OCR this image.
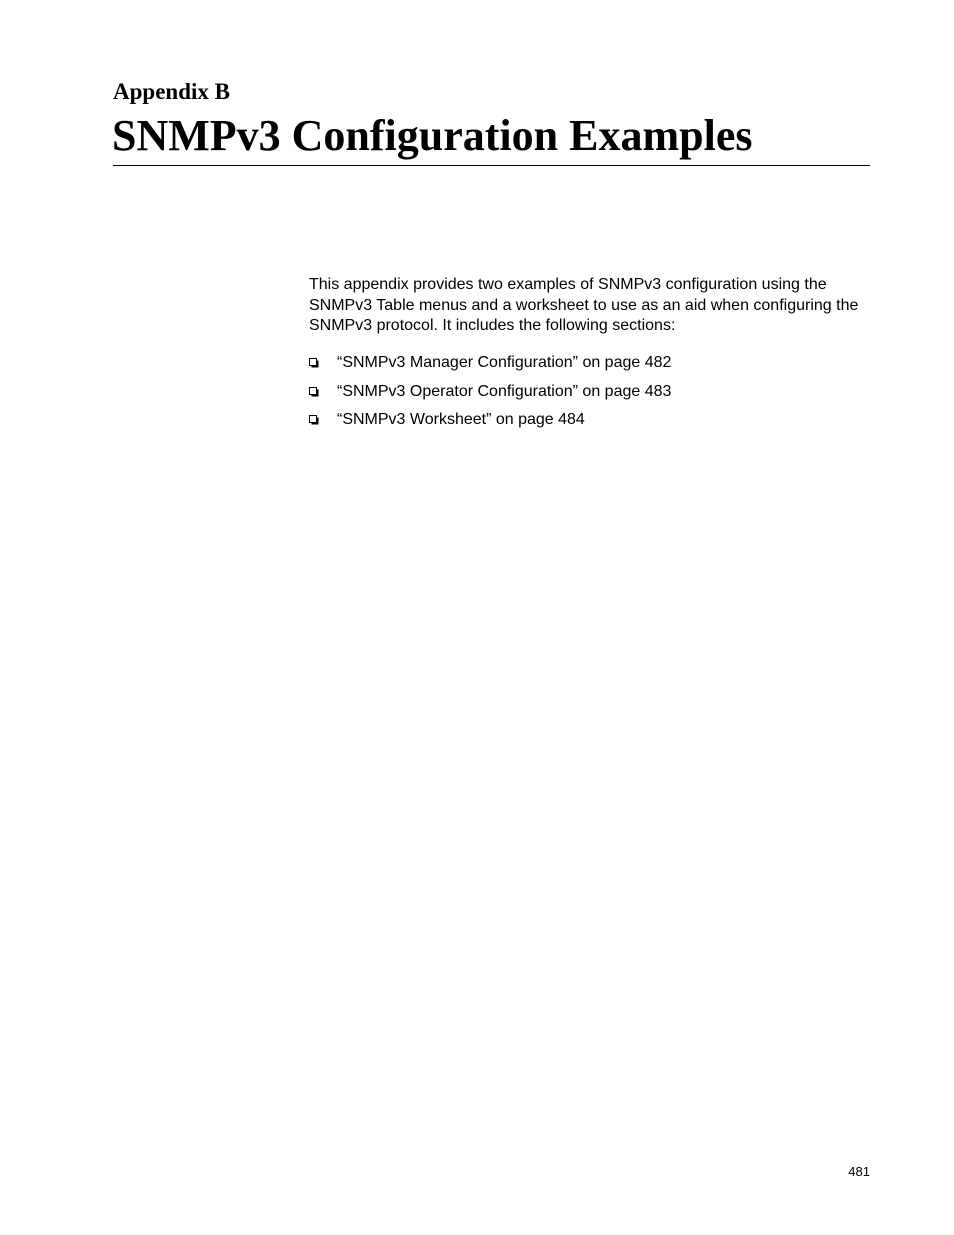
Appendix B
SNMPv3 Configuration Examples

This appendix provides two examples of SNMPv3 configuration using the SNMPv3 Table menus and a worksheet to use as an aid when configuring the SNMPv3 protocol. It includes the following sections:

“SNMPv3 Manager Configuration” on page 482
“SNMPv3 Operator Configuration” on page 483
“SNMPv3 Worksheet” on page 484
481
